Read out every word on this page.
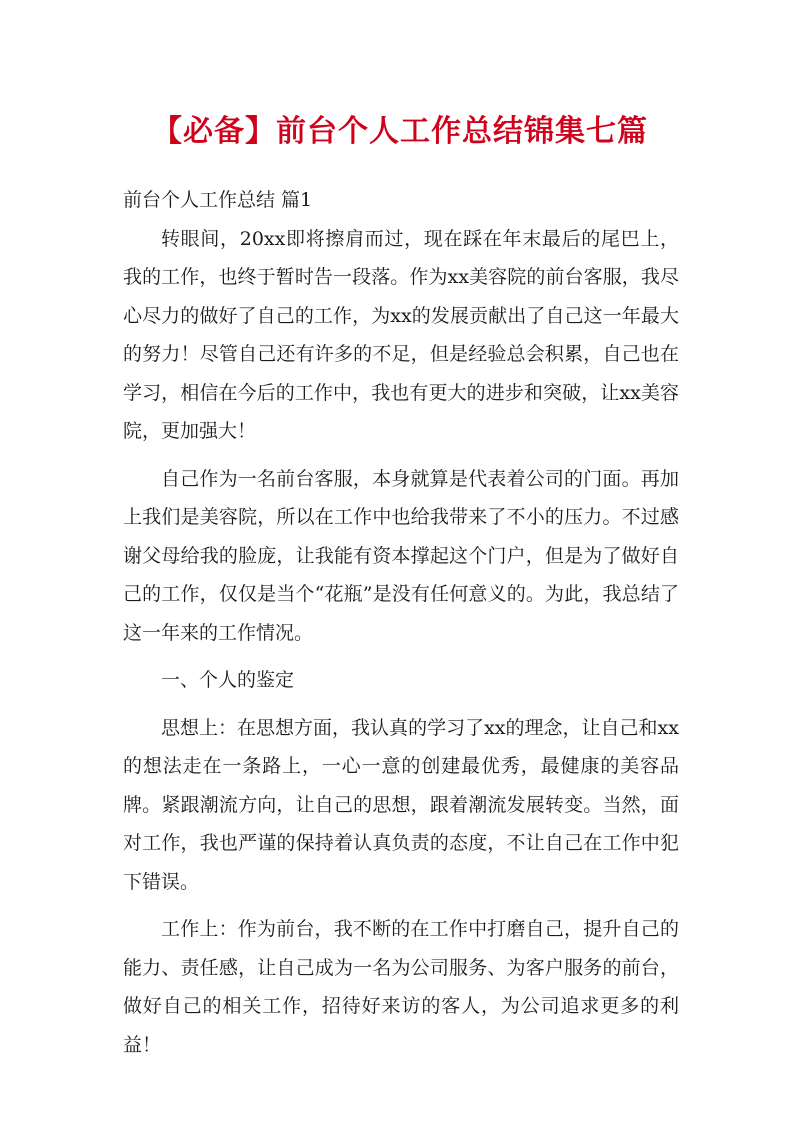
【必备】前台个人工作总结锦集七篇

前台个人工作总结 篇1

转眼间，20xx即将擦肩而过，现在踩在年末最后的尾巴上，我的工作，也终于暂时告一段落。作为xx美容院的前台客服，我尽心尽力的做好了自己的工作，为xx的发展贡献出了自己这一年最大的努力！尽管自己还有许多的不足，但是经验总会积累，自己也在学习，相信在今后的工作中，我也有更大的进步和突破，让xx美容院，更加强大！

自己作为一名前台客服，本身就算是代表着公司的门面。再加上我们是美容院，所以在工作中也给我带来了不小的压力。不过感谢父母给我的脸庞，让我能有资本撑起这个门户，但是为了做好自己的工作，仅仅是当个“花瓶”是没有任何意义的。为此，我总结了这一年来的工作情况。

一、个人的鉴定

思想上：在思想方面，我认真的学习了xx的理念，让自己和xx的想法走在一条路上，一心一意的创建最优秀，最健康的美容品牌。紧跟潮流方向，让自己的思想，跟着潮流发展转变。当然，面对工作，我也严谨的保持着认真负责的态度，不让自己在工作中犯下错误。

工作上：作为前台，我不断的在工作中打磨自己，提升自己的能力、责任感，让自己成为一名为公司服务、为客户服务的前台，做好自己的相关工作，招待好来访的客人，为公司追求更多的利益！
